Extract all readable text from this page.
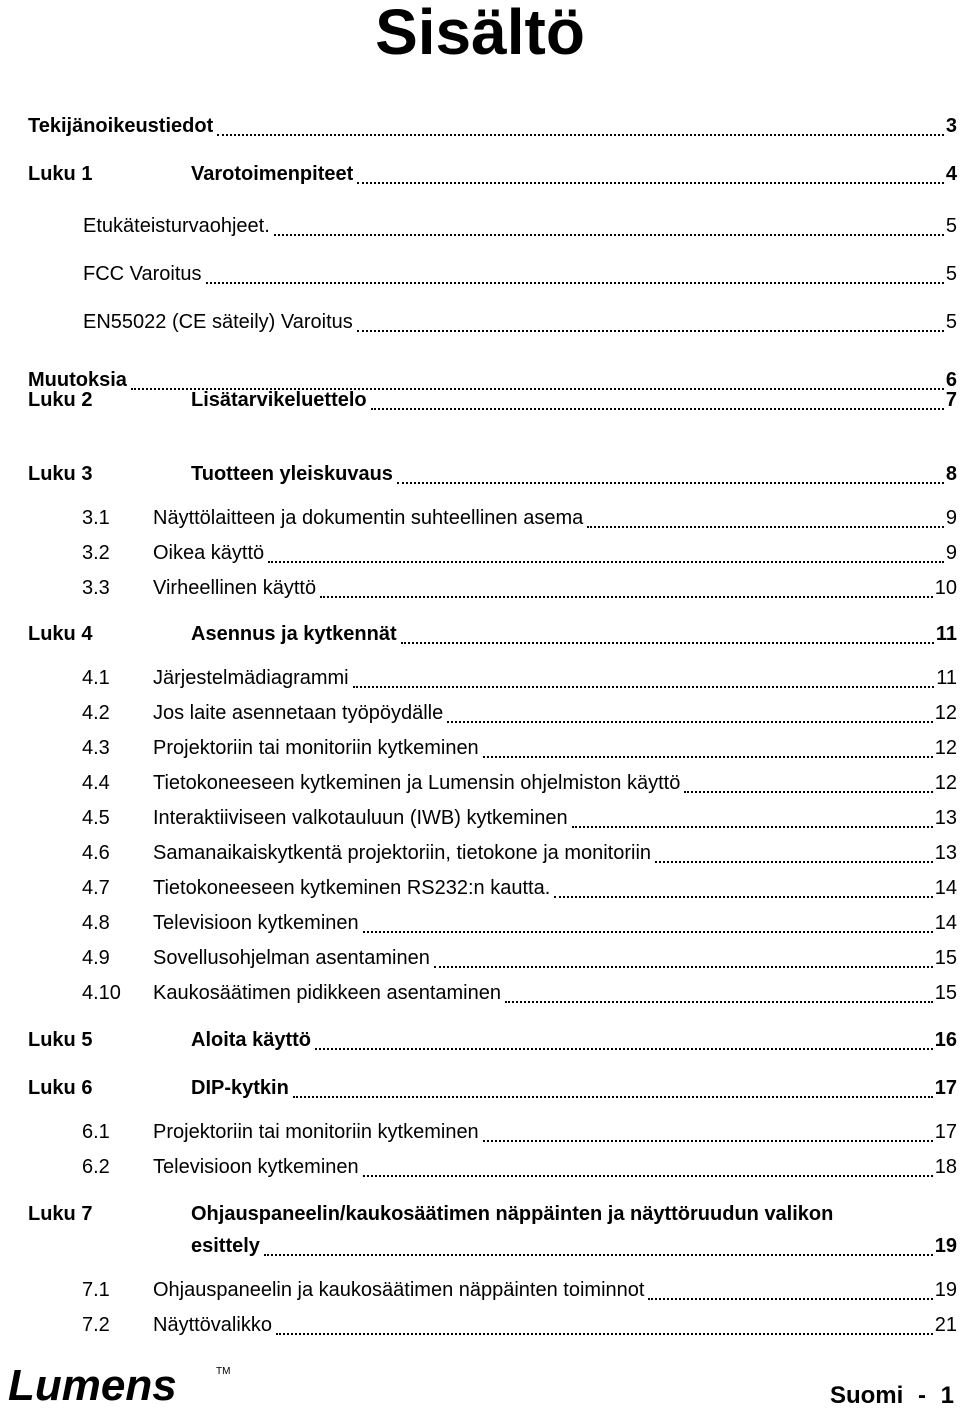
Sisältö
Tekijänoikeustiedot	3
Luku 1	Varotoimenpiteet	4
Etukäteisturvaohjeet.	5
FCC Varoitus	5
EN55022 (CE säteily) Varoitus	5
Muutoksia	6
Luku 2	Lisätarvikeluettelo	7
Luku 3	Tuotteen yleiskuvaus	8
3.1 Näyttölaitteen ja dokumentin suhteellinen asema	9
3.2 Oikea käyttö	9
3.3 Virheellinen käyttö	10
Luku 4	Asennus ja kytkennät	11
4.1 Järjestelmädiagrammi	11
4.2 Jos laite asennetaan työpöydälle	12
4.3 Projektoriin tai monitoriin kytkeminen	12
4.4 Tietokoneeseen kytkeminen ja Lumensin ohjelmiston käyttö	12
4.5 Interaktiiviseen valkotauluun (IWB) kytkeminen	13
4.6 Samanaikaiskytkentä projektoriin, tietokone ja monitoriin	13
4.7 Tietokoneeseen kytkeminen RS232:n kautta.	14
4.8 Televisioon kytkeminen	14
4.9 Sovellusohjelman asentaminen	15
4.10 Kaukosäätimen pidikkeen asentaminen	15
Luku 5	Aloita käyttö	16
Luku 6	DIP-kytkin	17
6.1 Projektoriin tai monitoriin kytkeminen	17
6.2 Televisioon kytkeminen	18
Luku 7	Ohjauspaneelin/kaukosäätimen näppäinten ja näyttöruudun valikon
esittely	19
7.1 Ohjauspaneelin ja kaukosäätimen näppäinten toiminnot	19
7.2 Näyttövalikko	21
Lumens	TM
Suomi - 1
